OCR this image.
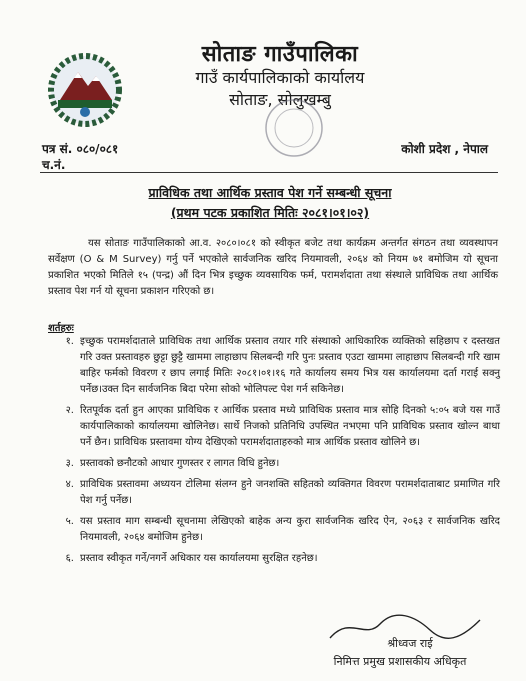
सोताङ गाउँपालिका
गाउँ कार्यपालिकाको कार्यालय
सोताङ, सोलुखम्बु
पत्र सं. ०८०/०८१
च.नं.
कोशी प्रदेश , नेपाल
प्राविधिक तथा आर्थिक प्रस्ताव पेश गर्ने सम्बन्धी सूचना
(प्रथम पटक प्रकाशित मितिः २०८१।०१।०२)

यस सोताङ गाउँपालिकाको आ.व. २०८०।०८१ को स्वीकृत बजेट तथा कार्यक्रम अन्तर्गत संगठन तथा व्यवस्थापन सर्वेक्षण (O & M Survey) गर्नु पर्ने भएकोले सार्वजनिक खरिद नियमावली, २०६४ को नियम ७१ बमोजिम यो सूचना प्रकाशित भएको मितिले १५ (पन्द्र) औं दिन भित्र इच्छुक व्यवसायिक फर्म, परामर्शदाता तथा संस्थाले प्राविधिक तथा आर्थिक प्रस्ताव पेश गर्न यो सूचना प्रकाशन गरिएको छ।

शर्तहरुः
१. इच्छुक परामर्शदाताले प्राविधिक तथा आर्थिक प्रस्ताव तयार गरि संस्थाको आधिकारिक व्यक्तिको सहिछाप र दस्तखत गरि उक्त प्रस्तावहरु छुट्टा छुट्टै खाममा लाहाछाप सिलबन्दी गरि पुनः प्रस्ताव एउटा खाममा लाहाछाप सिलबन्दी गरि खाम बाहिर फर्मको विवरण र छाप लगाई मितिः २०८१।०१।१६ गते कार्यालय समय भित्र यस कार्यालयमा दर्ता गराई सक्नु पर्नेछ।उक्त दिन सार्वजनिक बिदा परेमा सोको भोलिपल्ट पेश गर्न सकिनेछ।
२. रितपूर्वक दर्ता हुन आएका प्राविधिक र आर्थिक प्रस्ताव मध्ये प्राविधिक प्रस्ताव मात्र सोहि दिनको ५:०५ बजे यस गाउँ कार्यपालिकाको कार्यालयमा खोलिनेछ। सार्थे निजको प्रतिनिधि उपस्थित नभएमा पनि प्राविधिक प्रस्ताव खोल्न बाधा पर्ने छैन। प्राविधिक प्रस्तावमा योग्य देखिएको परामर्शदाताहरुको मात्र आर्थिक प्रस्ताव खोलिने छ।
३. प्रस्तावको छनौटको आधार गुणस्तर र लागत विधि हुनेछ।
४. प्राविधिक प्रस्तावमा अध्ययन टोलिमा संलग्न हुने जनशक्ति सहितको व्यक्तिगत विवरण परामर्शदाताबाट प्रमाणित गरि पेश गर्नु पर्नेछ।
५. यस प्रस्ताव माग सम्बन्धी सूचनामा लेखिएको बाहेक अन्य कुरा सार्वजनिक खरिद ऐन, २०६३ र सार्वजनिक खरिद नियमावली, २०६४ बमोजिम हुनेछ।
६. प्रस्ताव स्वीकृत गर्ने/नगर्ने अधिकार यस कार्यालयमा सुरक्षित रहनेछ।
श्रीध्वज राई
निमित्त प्रमुख प्रशासकीय अधिकृत
